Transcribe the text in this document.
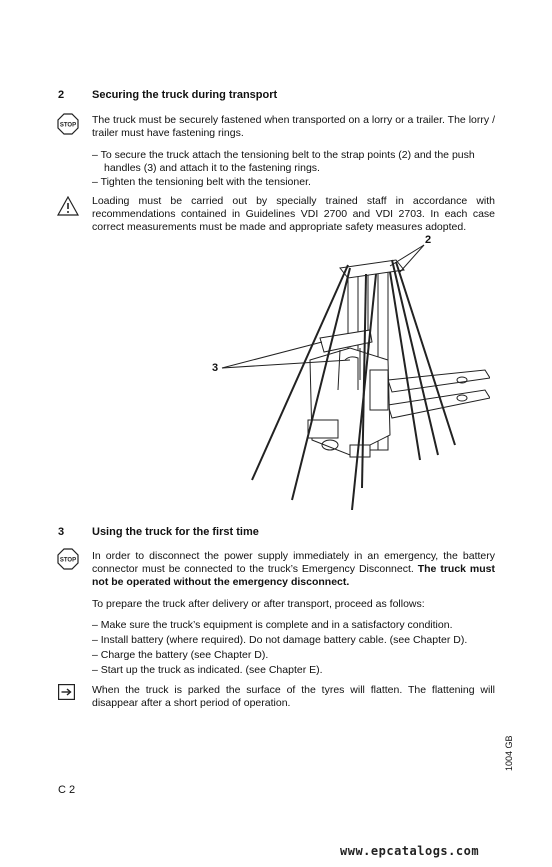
2	Securing the truck during transport
STOP The truck must be securely fastened when transported on a lorry or a trailer. The lorry / trailer must have fastening rings.
– To secure the truck attach the tensioning belt to the strap points (2) and the push handles (3) and attach it to the fastening rings.
– Tighten the tensioning belt with the tensioner.
Loading must be carried out by specially trained staff in accordance with recommendations contained in Guidelines VDI 2700 and VDI 2703. In each case correct measurements must be made and appropriate safety measures adopted.
2
3
3	Using the truck for the first time
STOP In order to disconnect the power supply immediately in an emergency, the battery connector must be connected to the truck’s Emergency Disconnect. The truck must not be operated without the emergency disconnect.
To prepare the truck after delivery or after transport, proceed as follows:
– Make sure the truck’s equipment is complete and in a satisfactory condition.
– Install battery (where required). Do not damage battery cable. (see Chapter D).
– Charge the battery (see Chapter D).
– Start up the truck as indicated. (see Chapter E).
When the truck is parked the surface of the tyres will flatten. The flattening will disappear after a short period of operation.
1004 GB
C 2
www.epcatalogs.com
